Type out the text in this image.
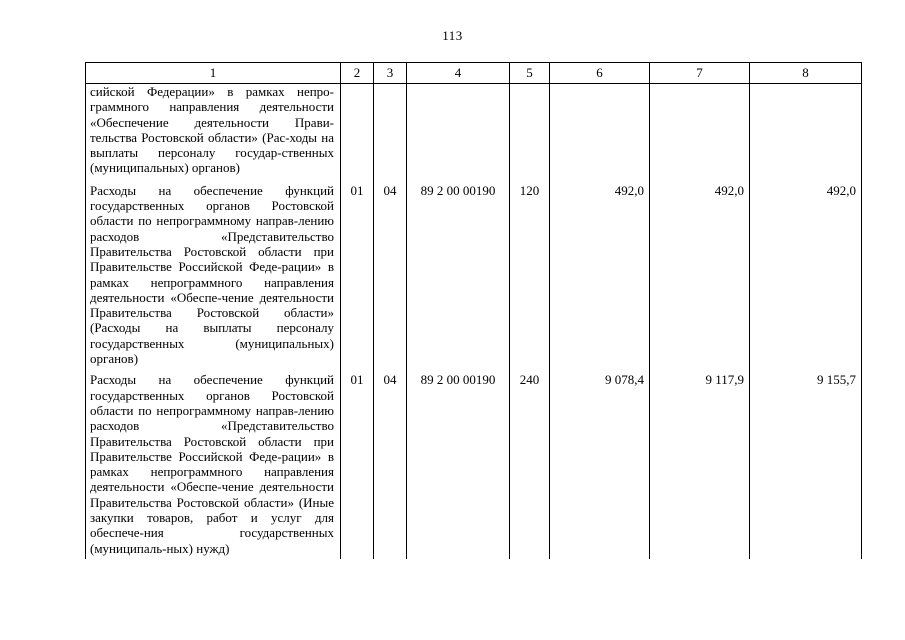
113
1	2	3	4	5	6	7	8
сийской Федерации» в рамках непро-граммного направления деятельности «Обеспечение деятельности Прави-тельства Ростовской области» (Рас-ходы на выплаты персоналу государ-ственных (муниципальных) органов)							
Расходы на обеспечение функций государственных органов Ростовской области по непрограммному направ-лению расходов «Представительство Правительства Ростовской области при Правительстве Российской Феде-рации» в рамках непрограммного направления деятельности «Обеспе-чение деятельности Правительства Ростовской области» (Расходы на выплаты персоналу государственных (муниципальных) органов)	01	04	89 2 00 00190	120	492,0	492,0	492,0
Расходы на обеспечение функций государственных органов Ростовской области по непрограммному направ-лению расходов «Представительство Правительства Ростовской области при Правительстве Российской Феде-рации» в рамках непрограммного направления деятельности «Обеспе-чение деятельности Правительства Ростовской области» (Иные закупки товаров, работ и услуг для обеспече-ния государственных (муниципаль-ных) нужд)	01	04	89 2 00 00190	240	9 078,4	9 117,9	9 155,7
